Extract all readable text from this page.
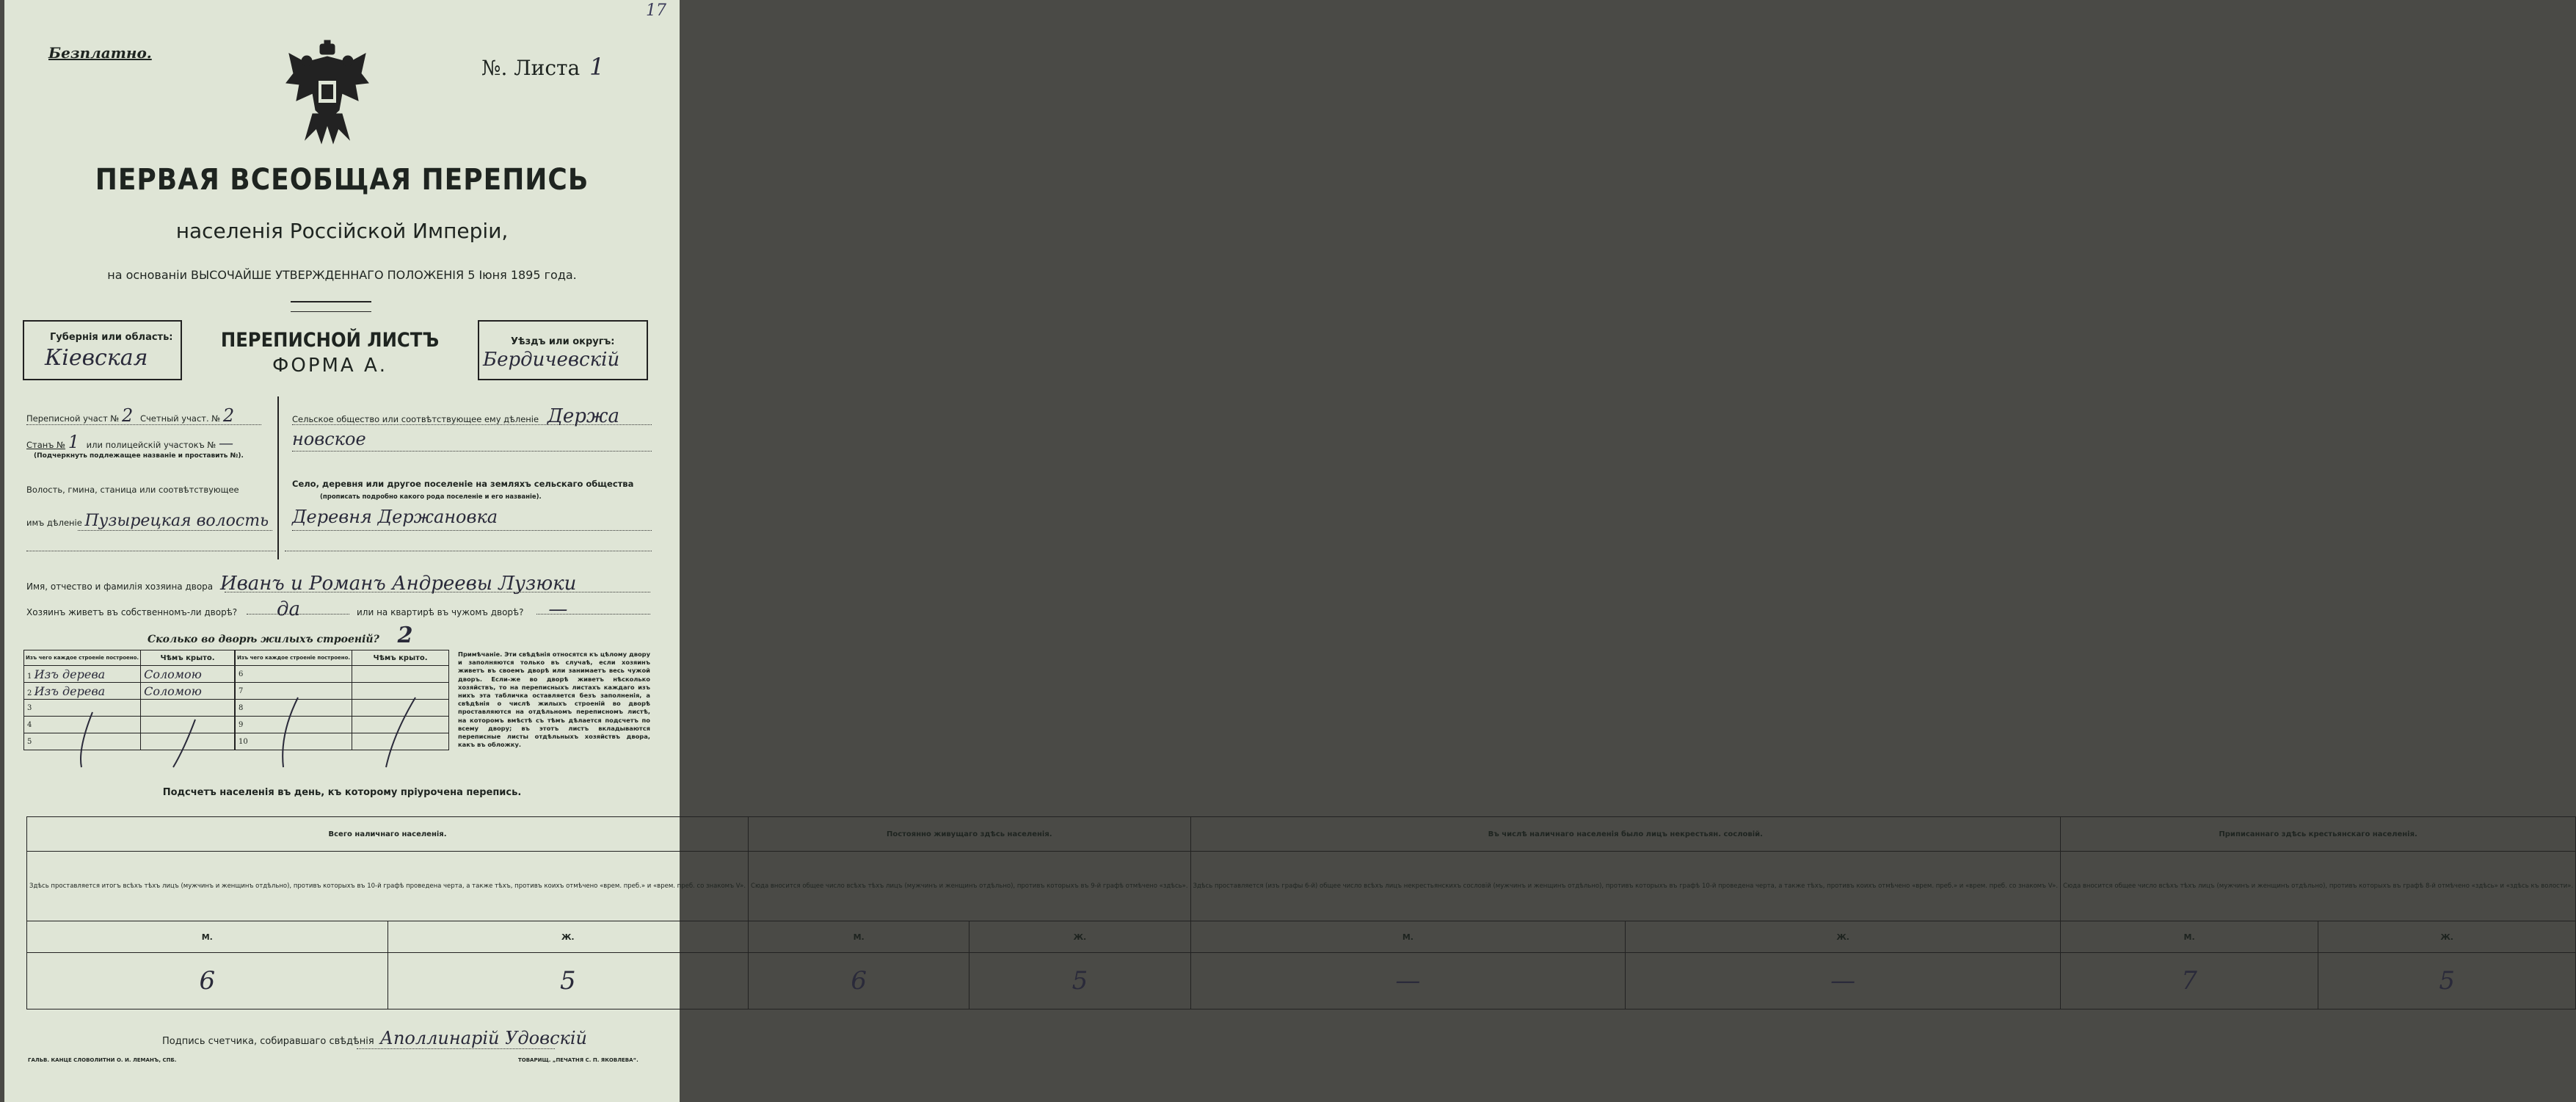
Безплатно.
17
№. Листа 1
ПЕРВАЯ ВСЕОБЩАЯ ПЕРЕПИСЬ
населенія Россійской Имперіи,
на основаніи ВЫСОЧАЙШЕ УТВЕРЖДЕННАГО ПОЛОЖЕНІЯ 5 Іюня 1895 года.
Губернія или область:
Кіевская
ПЕРЕПИСНОЙ ЛИСТЪ
ФОРМА А.
Уѣздъ или округъ:
Бердичевскій
Переписной участ № 2 Счетный участ. № 2
Станъ № 1 или полицейскій участокъ № —
(Подчеркнуть подлежащее названіе и проставить №).
Волость, гмина, станица или соотвѣтствующее
имъ дѣленіе Пузырецкая волость
Сельское общество или соотвѣтствующее ему дѣленіе Держа
новское
Село, деревня или другое поселеніе на земляхъ сельскаго общества
(прописать подробно какого рода поселеніе и его названіе).
Деревня Держановка
Имя, отчество и фамилія хозяина двора Иванъ и Романъ Андреевы Лузюки
Хозяинъ живетъ въ собственномъ-ли дворѣ? да	или на квартирѣ въ чужомъ дворѣ? —
Сколько во дворѣ жилыхъ строеній? 2
Изъ чего каждое строеніе построено.	Чѣмъ крыто.
1 Изъ дерева	Соломою
2 Изъ дерева	Соломою
3	
4	
5	
Изъ чего каждое строеніе построено.	Чѣмъ крыто.
6	
7	
8	
9	
10	
Примѣчаніе. Эти свѣдѣнія относятся къ цѣлому двору и заполняются только въ случаѣ, если хозяинъ живетъ въ своемъ дворѣ или занимаетъ весь чужой дворъ. Если-же во дворѣ живетъ нѣсколько хозяйствъ, то на переписныхъ листахъ каждаго изъ нихъ эта табличка оставляется безъ заполненія, а свѣдѣнія о числѣ жилыхъ строеній во дворѣ проставляются на отдѣльномъ переписномъ листѣ, на которомъ вмѣстѣ съ тѣмъ дѣлается подсчетъ по всему двору; въ этотъ листъ вкладываются переписные листы отдѣльныхъ хозяйствъ двора, какъ въ обложку.
Подсчетъ населенія въ день, къ которому пріурочена перепись.
Всего наличнаго населенія.		Постоянно живущаго здѣсь населенія.		Въ числѣ наличнаго населенія было лицъ некрестьян. сословій.		Приписаннаго здѣсь крестьянскаго населенія.	
Здѣсь проставляется итогъ всѣхъ тѣхъ лицъ (мужчинъ и женщинъ отдѣльно), противъ которыхъ въ 10-й графѣ проведена черта, а также тѣхъ, противъ коихъ отмѣчено «врем. преб.» и «врем. преб. со знакомъ V».		Сюда вносится общее число всѣхъ тѣхъ лицъ (мужчинъ и женщинъ отдѣльно), противъ которыхъ въ 9-й графѣ отмѣчено «здѣсь».		Здѣсь проставляется (изъ графы 6-й) общее число всѣхъ лицъ некрестьянскихъ сословій (мужчинъ и женщинъ отдѣльно), противъ которыхъ въ графѣ 10-й проведена черта, а также тѣхъ, противъ коихъ отмѣчено «врем. преб.» и «врем. преб. со знакомъ V».		Сюда вносится общее число всѣхъ тѣхъ лицъ (мужчинъ и женщинъ отдѣльно), противъ которыхъ въ графѣ 8-й отмѣчено «здѣсь» и «здѣсь къ волости».	
М.	Ж.	М.	Ж.	М.	Ж.	М.	Ж.
6	5	6	5	—	—	7	5
Подпись счетчика, собиравшаго свѣдѣнія Аполлинарій Удовскій
ГАЛЬВ. КАНЦЕ СЛОВОЛИТНИ О. И. ЛЕМАНЪ, СПБ.	ТОВАРИЩ. „ПЕЧАТНЯ С. П. ЯКОВЛЕВА“.
